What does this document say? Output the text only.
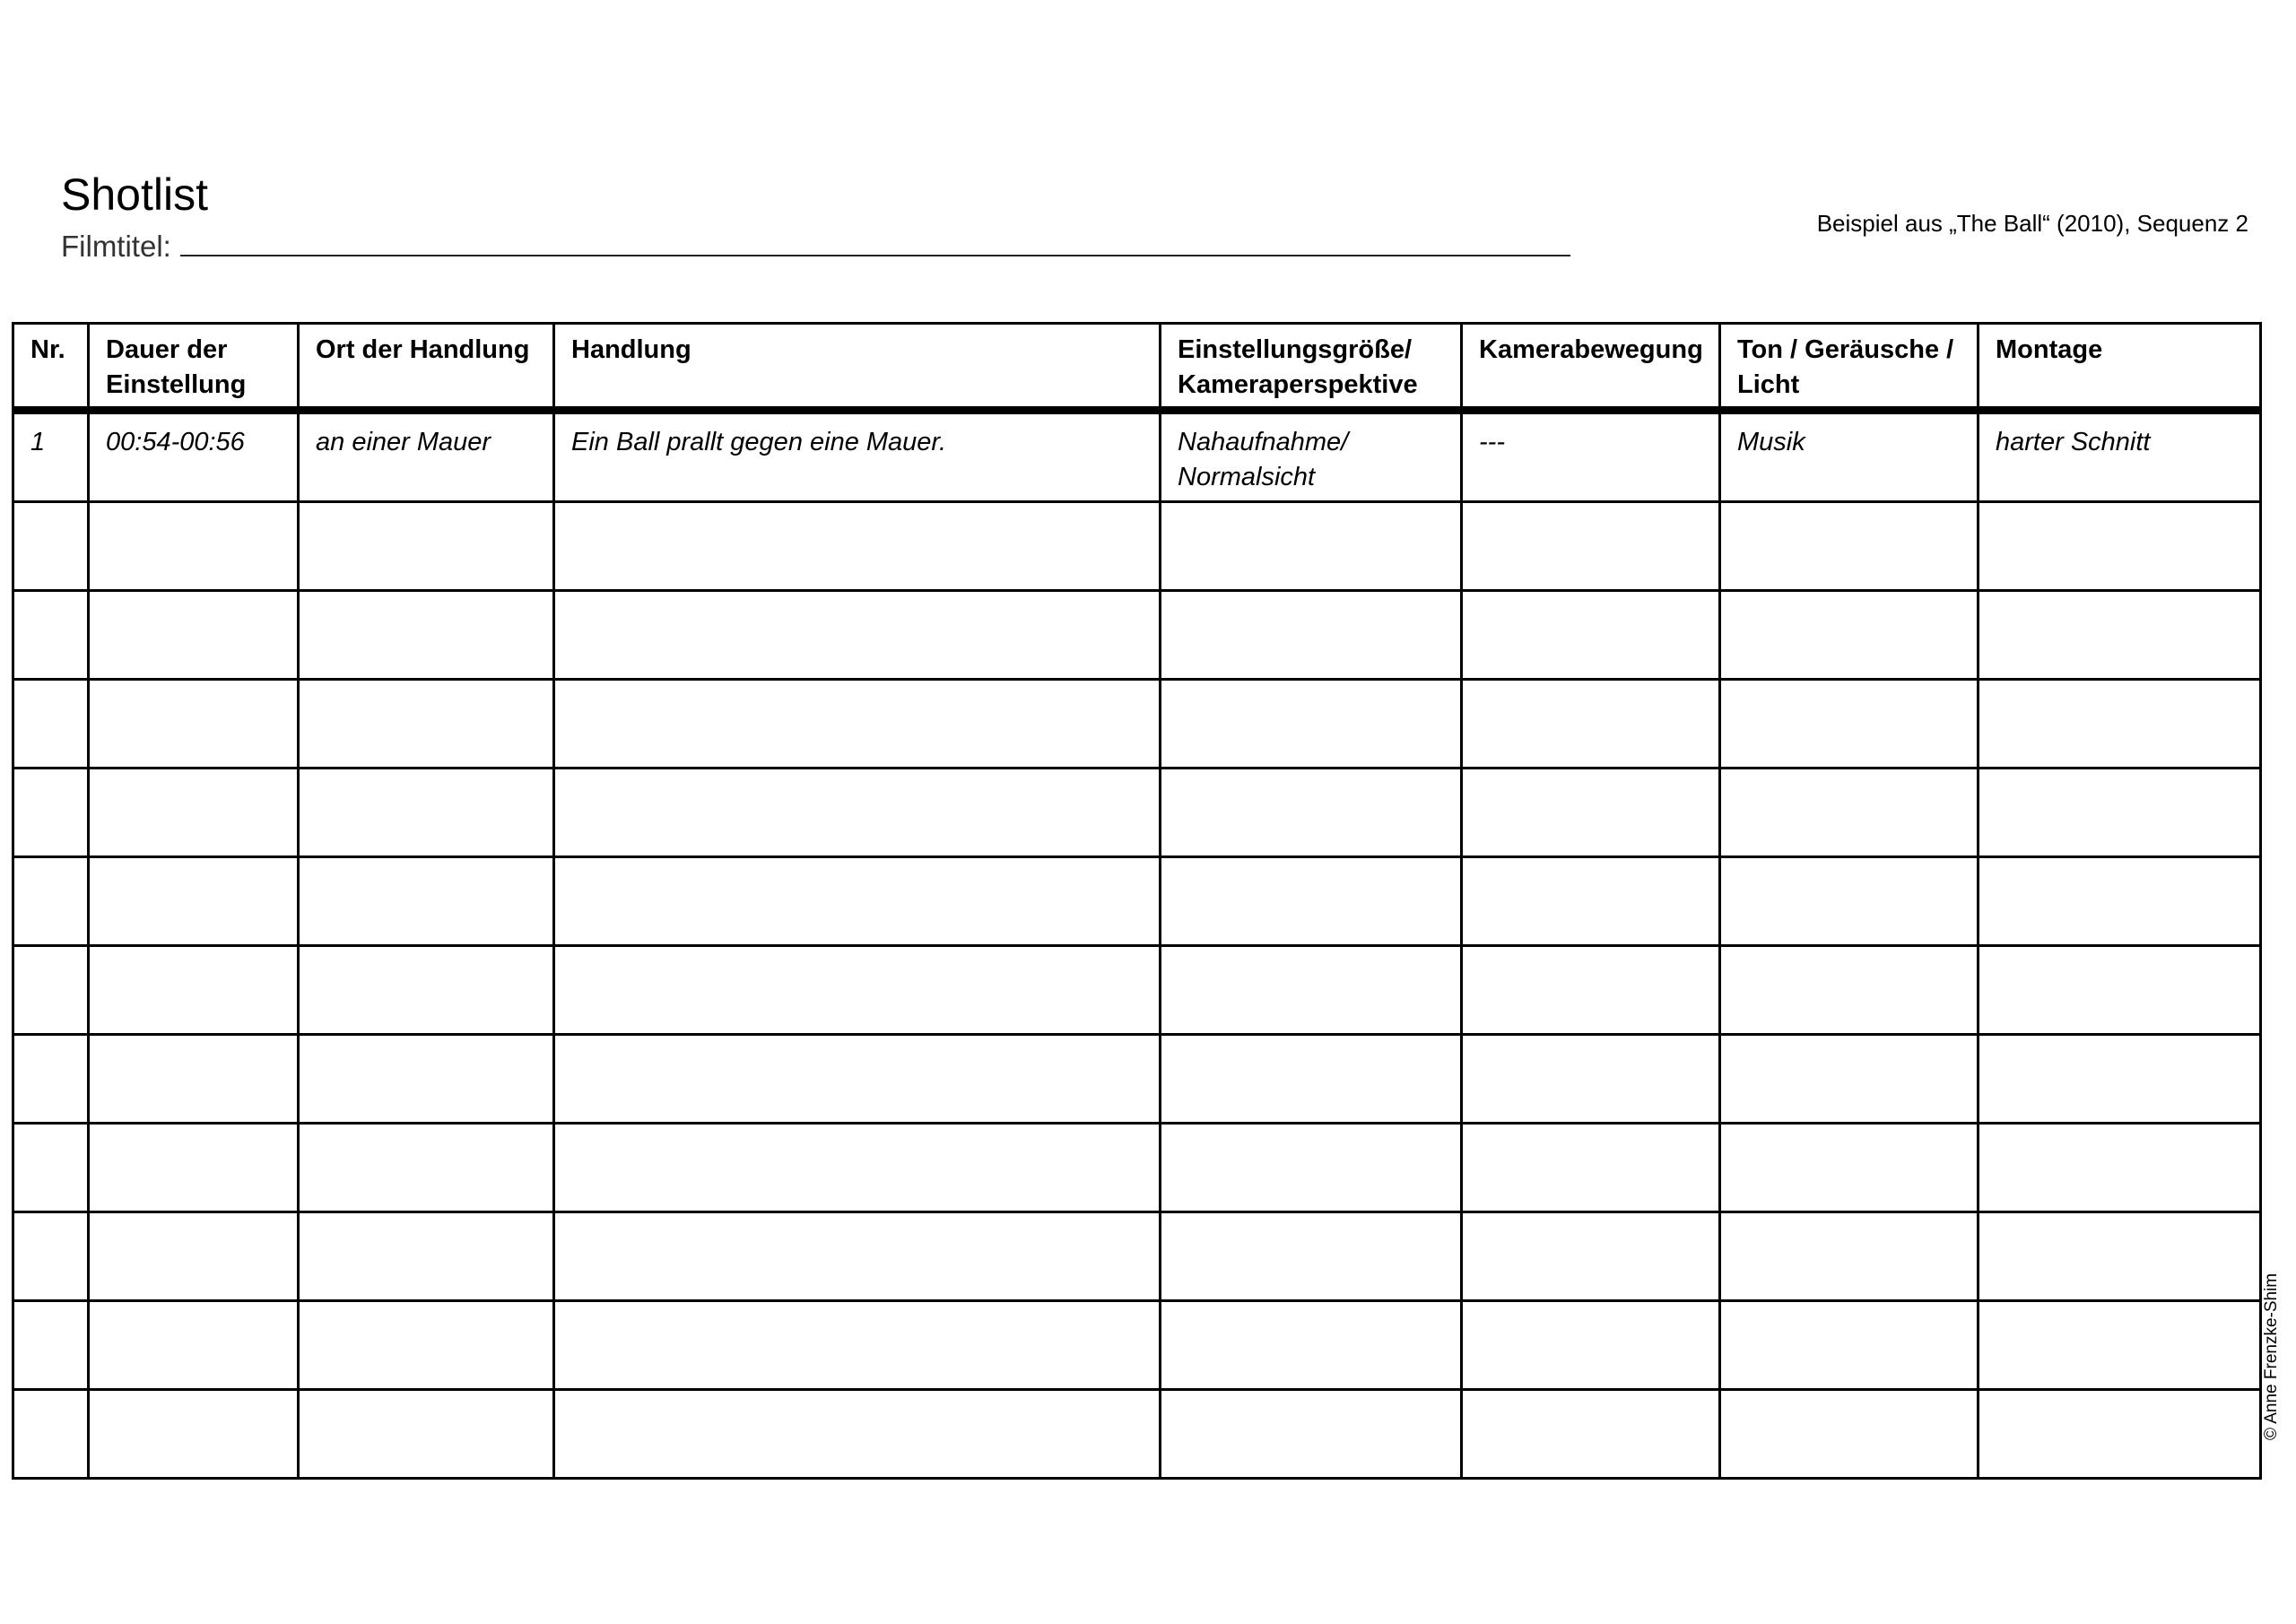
Shotlist
Filmtitel:
Beispiel aus „The Ball“ (2010), Sequenz 2
Nr.	Dauer der Einstellung	Ort der Handlung	Handlung	Einstellungsgröße/ Kameraperspektive	Kamerabewegung	Ton / Geräusche / Licht	Montage
1	00:54-00:56	an einer Mauer	Ein Ball prallt gegen eine Mauer.	Nahaufnahme/ Normalsicht	---	Musik	harter Schnitt

© Anne Frenzke-Shim
